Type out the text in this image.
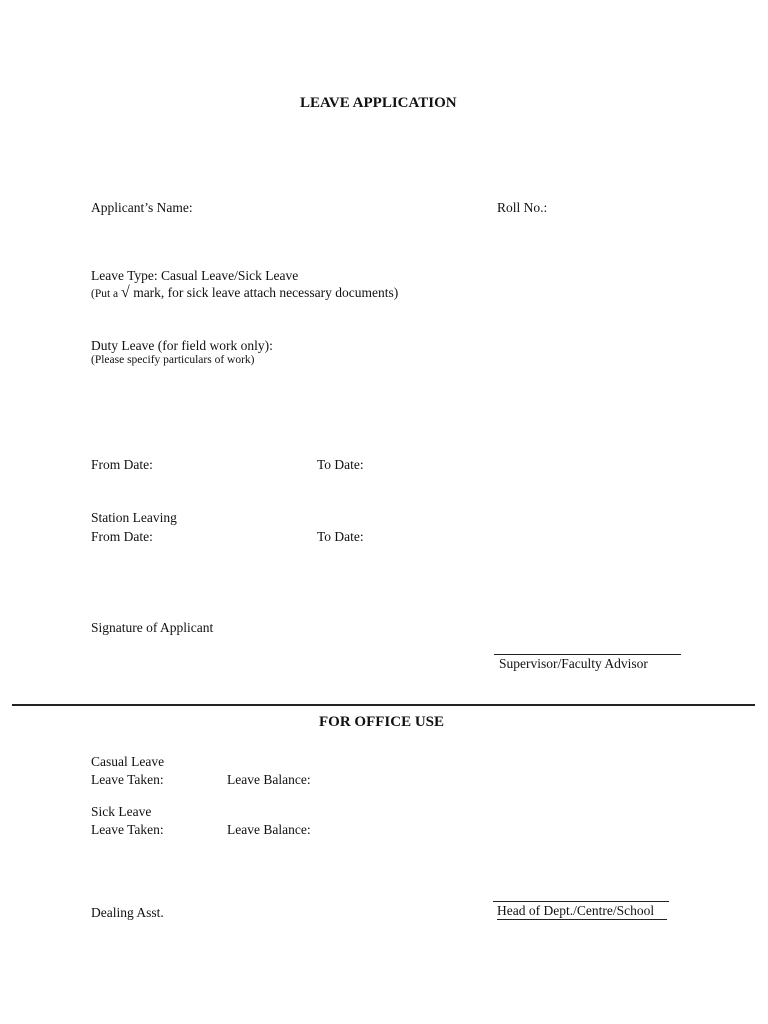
LEAVE APPLICATION
Applicant’s Name:	Roll No.:
Leave Type: Casual Leave/Sick Leave
(Put a √ mark, for sick leave attach necessary documents)
Duty Leave (for field work only):
(Please specify particulars of work)
From Date:	To Date:
Station Leaving
From Date:	To Date:
Signature of Applicant
Supervisor/Faculty Advisor
FOR OFFICE USE
Casual Leave
Leave Taken:	Leave Balance:
Sick Leave
Leave Taken:	Leave Balance:
Dealing Asst.	Head of Dept./Centre/School
